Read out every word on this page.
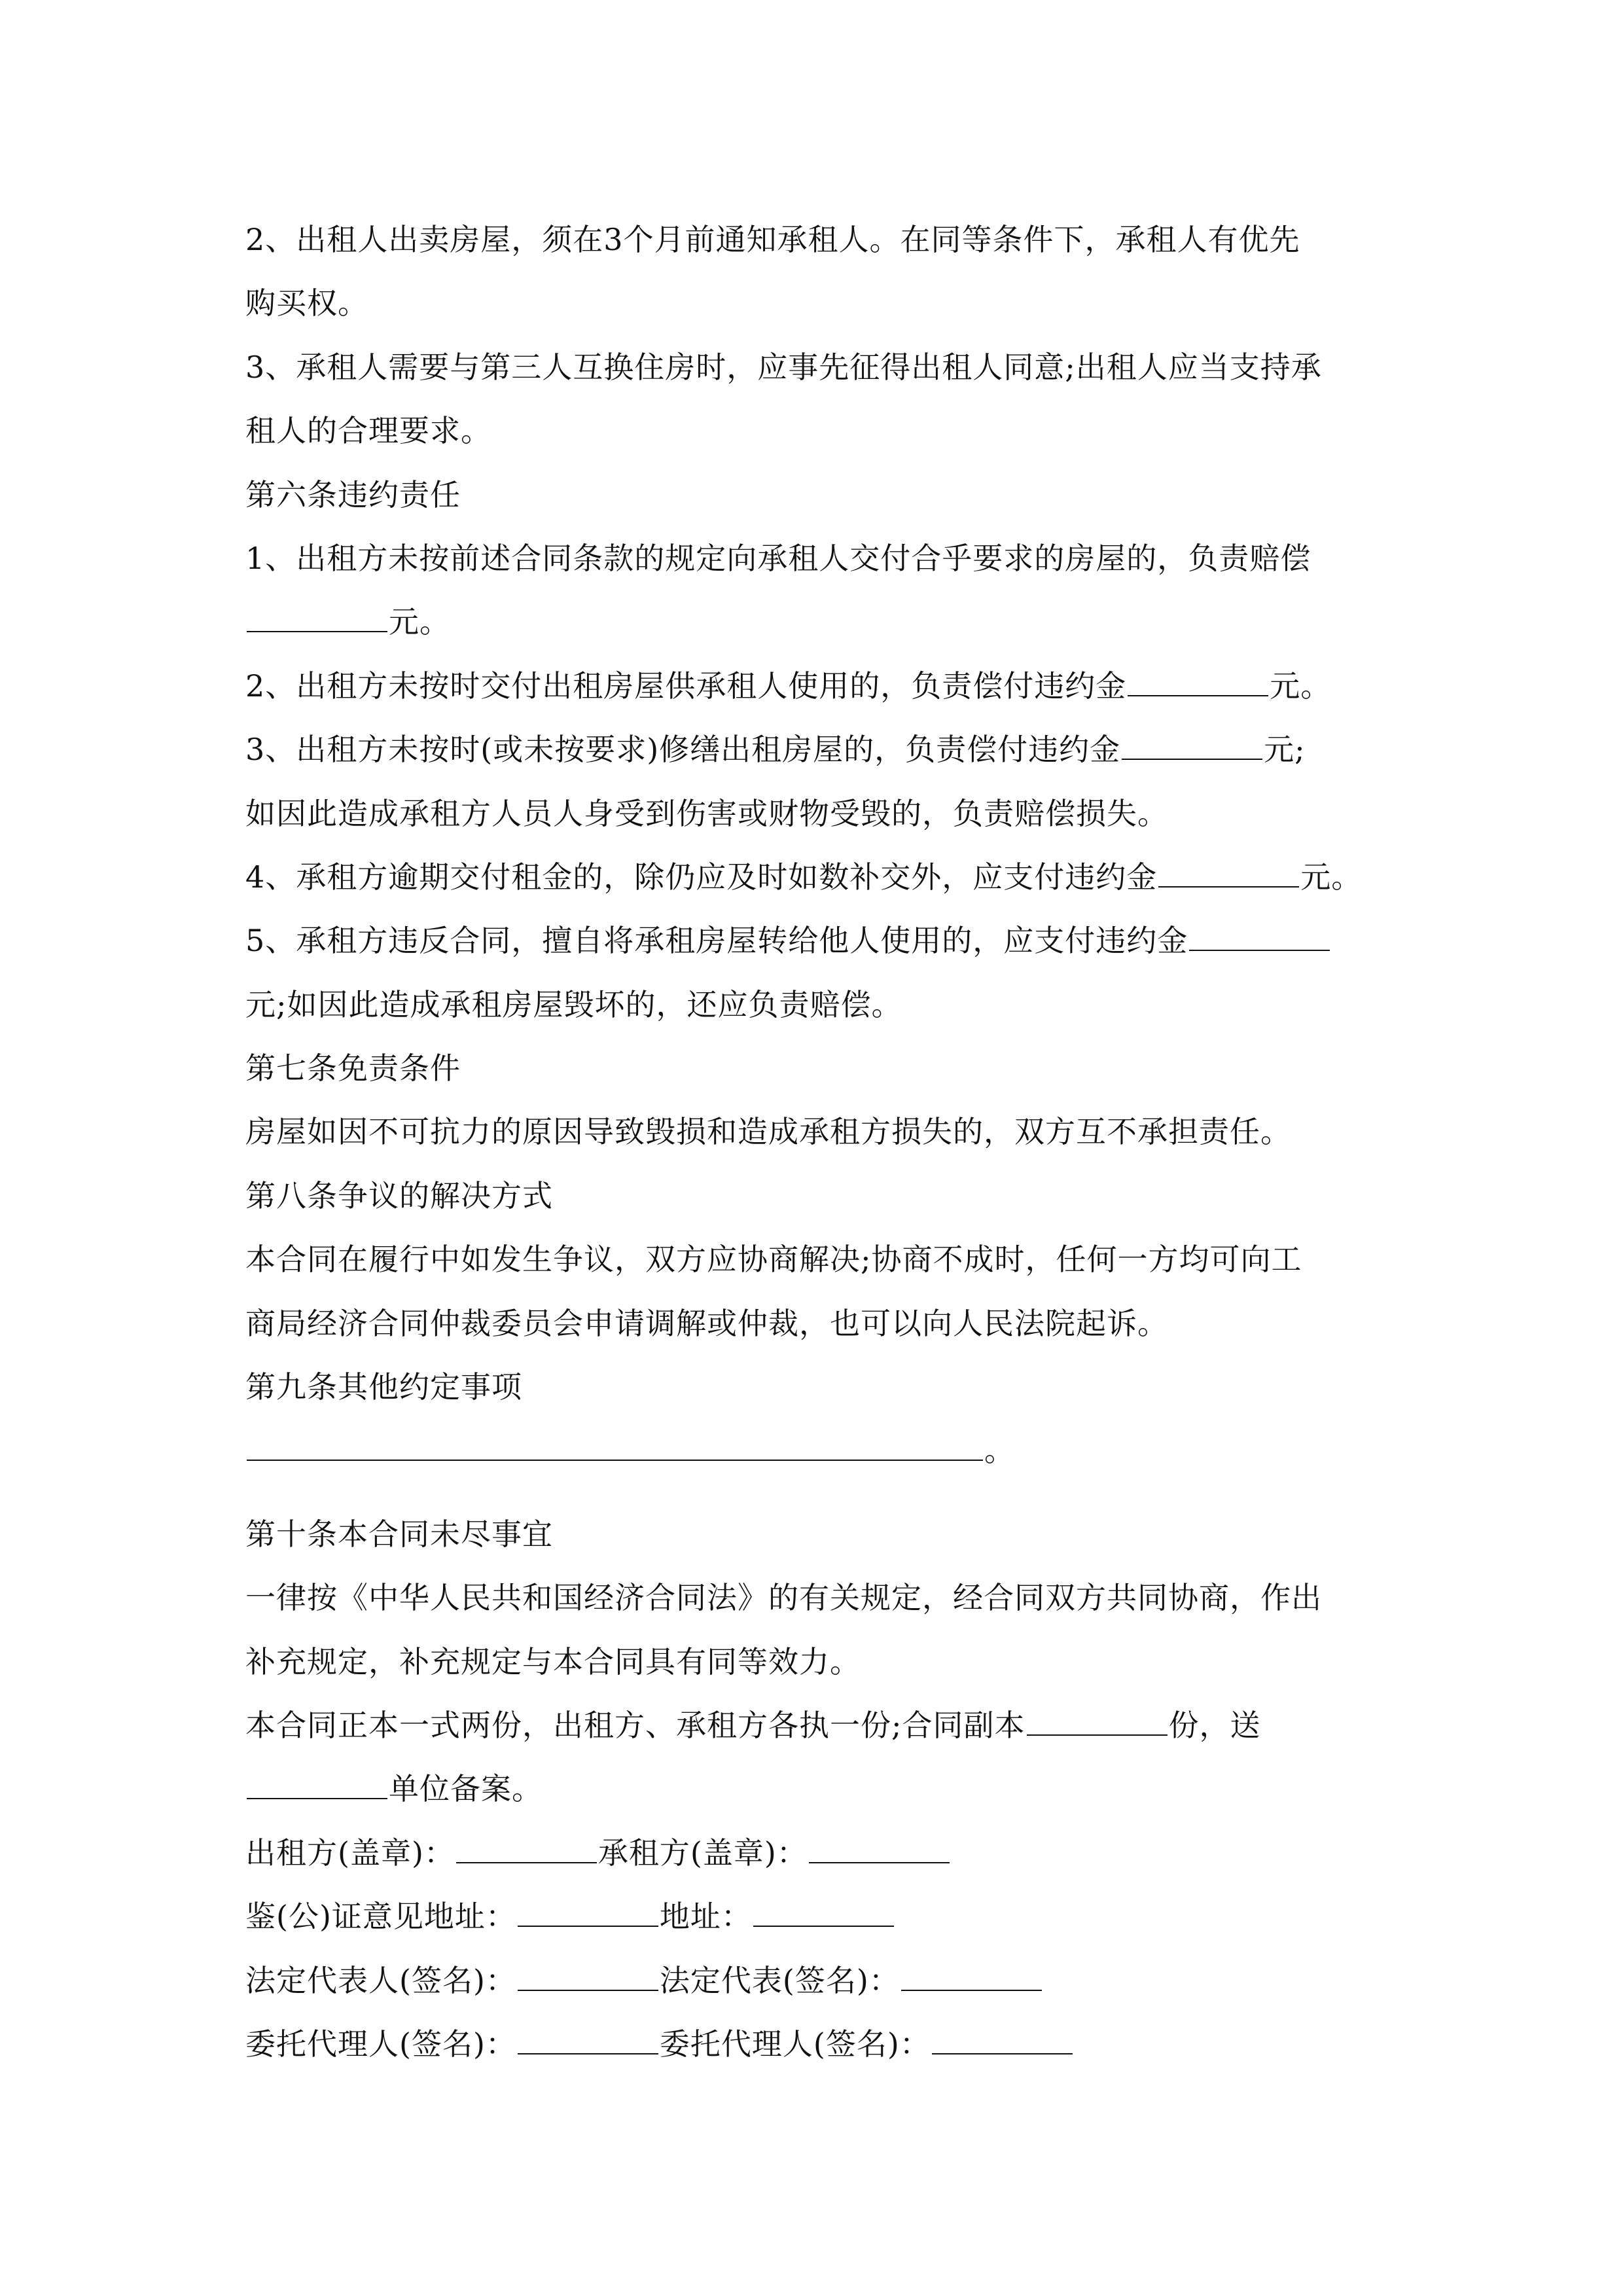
2、出租人出卖房屋，须在3个月前通知承租人。在同等条件下，承租人有优先
购买权。
3、承租人需要与第三人互换住房时，应事先征得出租人同意;出租人应当支持承
租人的合理要求。
第六条违约责任
1、出租方未按前述合同条款的规定向承租人交付合乎要求的房屋的，负责赔偿
元。
2、出租方未按时交付出租房屋供承租人使用的，负责偿付违约金	元。
3、出租方未按时(或未按要求)修缮出租房屋的，负责偿付违约金	元;
如因此造成承租方人员人身受到伤害或财物受毁的，负责赔偿损失。
4、承租方逾期交付租金的，除仍应及时如数补交外，应支付违约金	元。
5、承租方违反合同，擅自将承租房屋转给他人使用的，应支付违约金
元;如因此造成承租房屋毁坏的，还应负责赔偿。
第七条免责条件
房屋如因不可抗力的原因导致毁损和造成承租方损失的，双方互不承担责任。
第八条争议的解决方式
本合同在履行中如发生争议，双方应协商解决;协商不成时，任何一方均可向工
商局经济合同仲裁委员会申请调解或仲裁，也可以向人民法院起诉。
第九条其他约定事项
。
第十条本合同未尽事宜
一律按《中华人民共和国经济合同法》的有关规定，经合同双方共同协商，作出
补充规定，补充规定与本合同具有同等效力。
本合同正本一式两份，出租方、承租方各执一份;合同副本	份，送
单位备案。
出租方(盖章)：	承租方(盖章)：
鉴(公)证意见地址：	地址：
法定代表人(签名)：	法定代表(签名)：
委托代理人(签名)：	委托代理人(签名)：
